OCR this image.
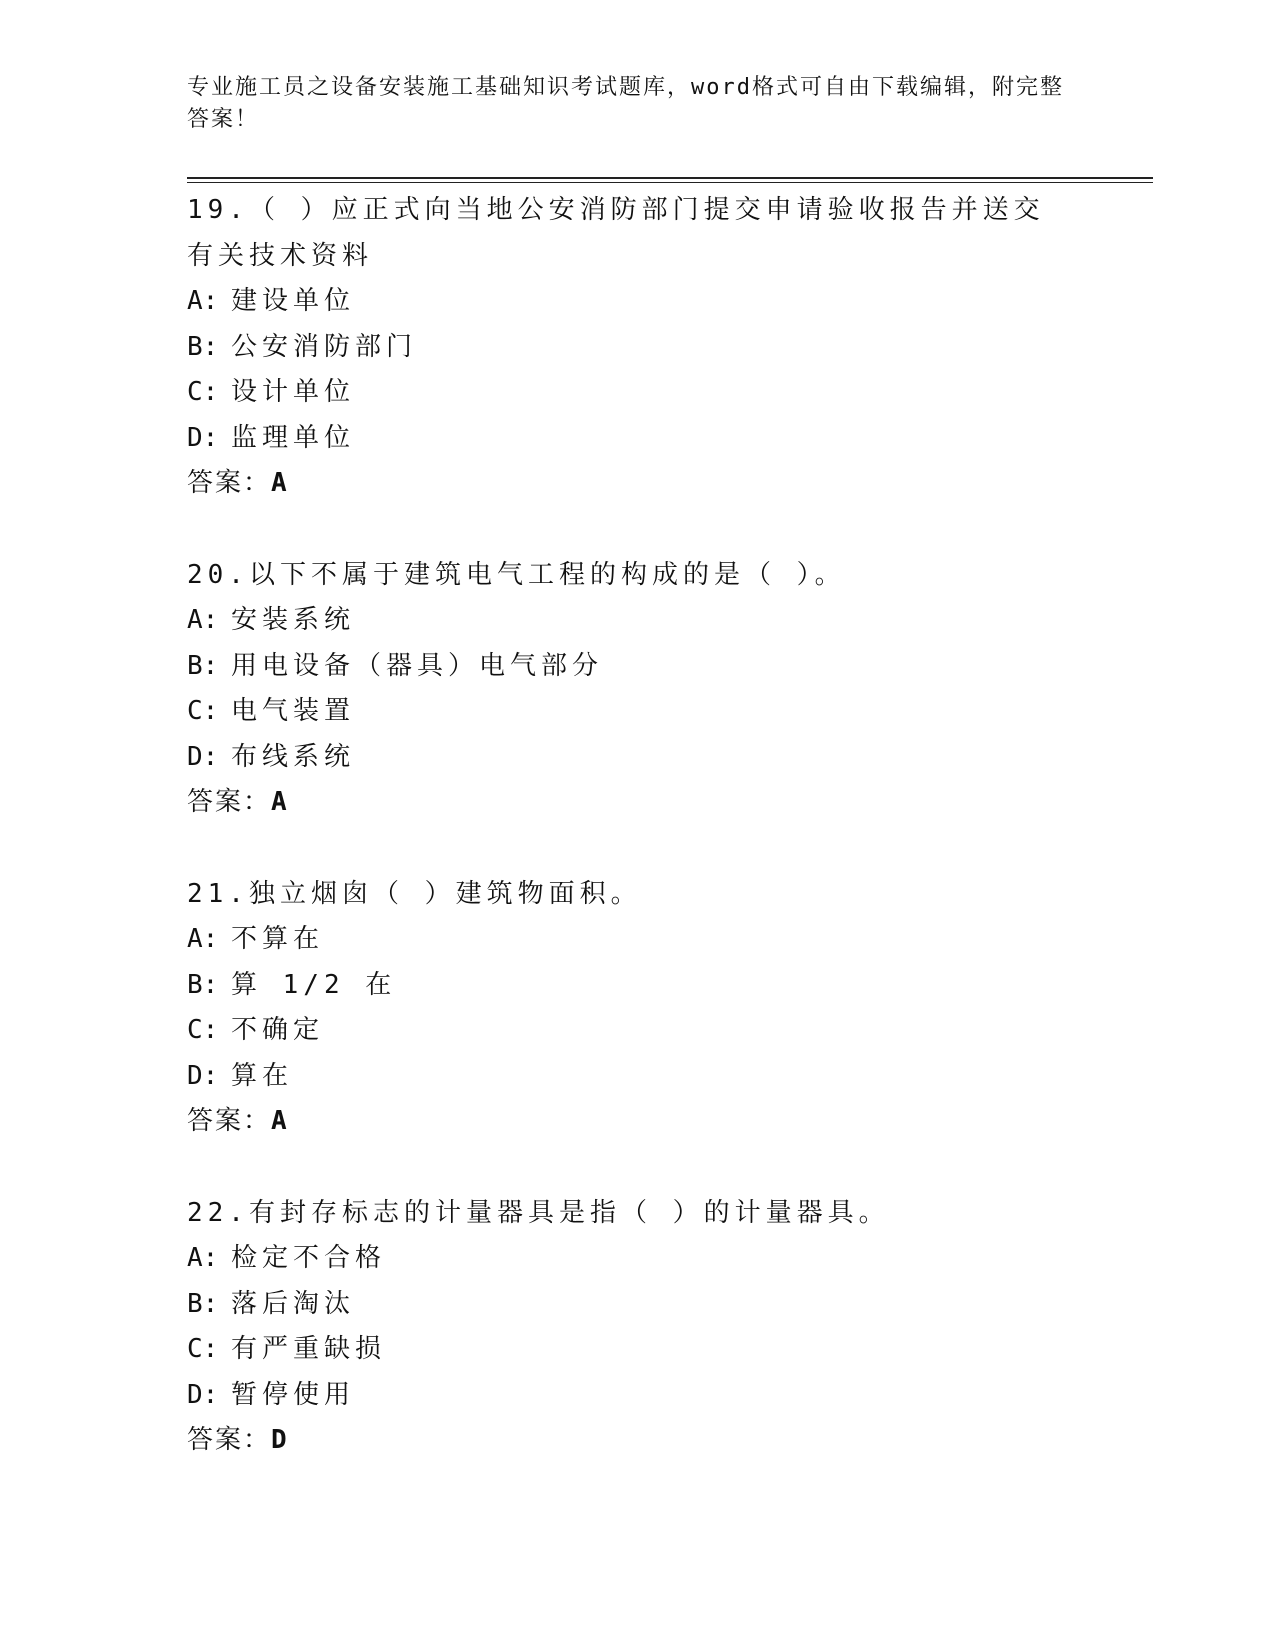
专业施工员之设备安装施工基础知识考试题库，word格式可自由下载编辑，附完整答案！
19.（ ）应正式向当地公安消防部门提交申请验收报告并送交有关技术资料
A: 建设单位
B: 公安消防部门
C: 设计单位
D: 监理单位
答案：A
20.以下不属于建筑电气工程的构成的是（ ）。
A: 安装系统
B: 用电设备（器具）电气部分
C: 电气装置
D: 布线系统
答案：A
21.独立烟囱（ ）建筑物面积。
A: 不算在
B: 算 1/2 在
C: 不确定
D: 算在
答案：A
22.有封存标志的计量器具是指（ ）的计量器具。
A: 检定不合格
B: 落后淘汰
C: 有严重缺损
D: 暂停使用
答案：D
